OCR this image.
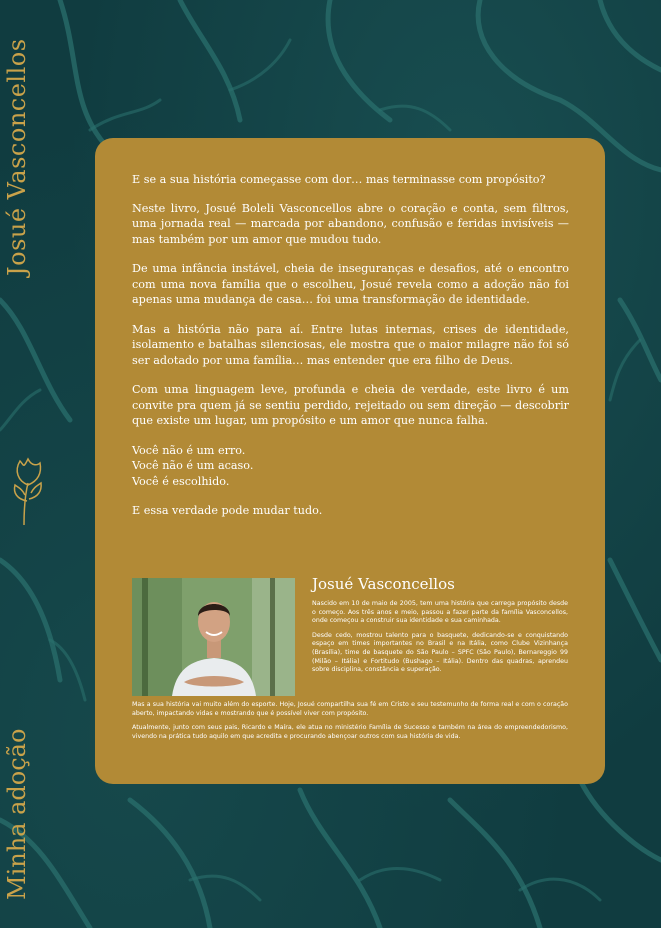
Josué Vasconcellos
Minha adoção

E se a sua história começasse com dor… mas terminasse com propósito?

Neste livro, Josué Boleli Vasconcellos abre o coração e conta, sem filtros, uma jornada real — marcada por abandono, confusão e feridas invisíveis — mas também por um amor que mudou tudo.

De uma infância instável, cheia de inseguranças e desafios, até o encontro com uma nova família que o escolheu, Josué revela como a adoção não foi apenas uma mudança de casa… foi uma transformação de identidade.

Mas a história não para aí. Entre lutas internas, crises de identidade, isolamento e batalhas silenciosas, ele mostra que o maior milagre não foi só ser adotado por uma família… mas entender que era filho de Deus.

Com uma linguagem leve, profunda e cheia de verdade, este livro é um convite pra quem já se sentiu perdido, rejeitado ou sem direção — descobrir que existe um lugar, um propósito e um amor que nunca falha.

Você não é um erro.
Você não é um acaso.
Você é escolhido.

E essa verdade pode mudar tudo.

Josué Vasconcellos

Nascido em 10 de maio de 2005, tem uma história que carrega propósito desde o começo. Aos três anos e meio, passou a fazer parte da família Vasconcellos, onde começou a construir sua identidade e sua caminhada.

Desde cedo, mostrou talento para o basquete, dedicando-se e conquistando espaço em times importantes no Brasil e na Itália, como Clube Vizinhança (Brasília), time de basquete do São Paulo – SPFC (São Paulo), Bernareggio 99 (Milão – Itália) e Fortitudo (Bushago – Itália). Dentro das quadras, aprendeu sobre disciplina, constância e superação.

Mas a sua história vai muito além do esporte. Hoje, Josué compartilha sua fé em Cristo e seu testemunho de forma real e com o coração aberto, impactando vidas e mostrando que é possível viver com propósito.

Atualmente, junto com seus pais, Ricardo e Maíra, ele atua no ministério Família de Sucesso e também na área do empreendedorismo, vivendo na prática tudo aquilo em que acredita e procurando abençoar outros com sua história de vida.
